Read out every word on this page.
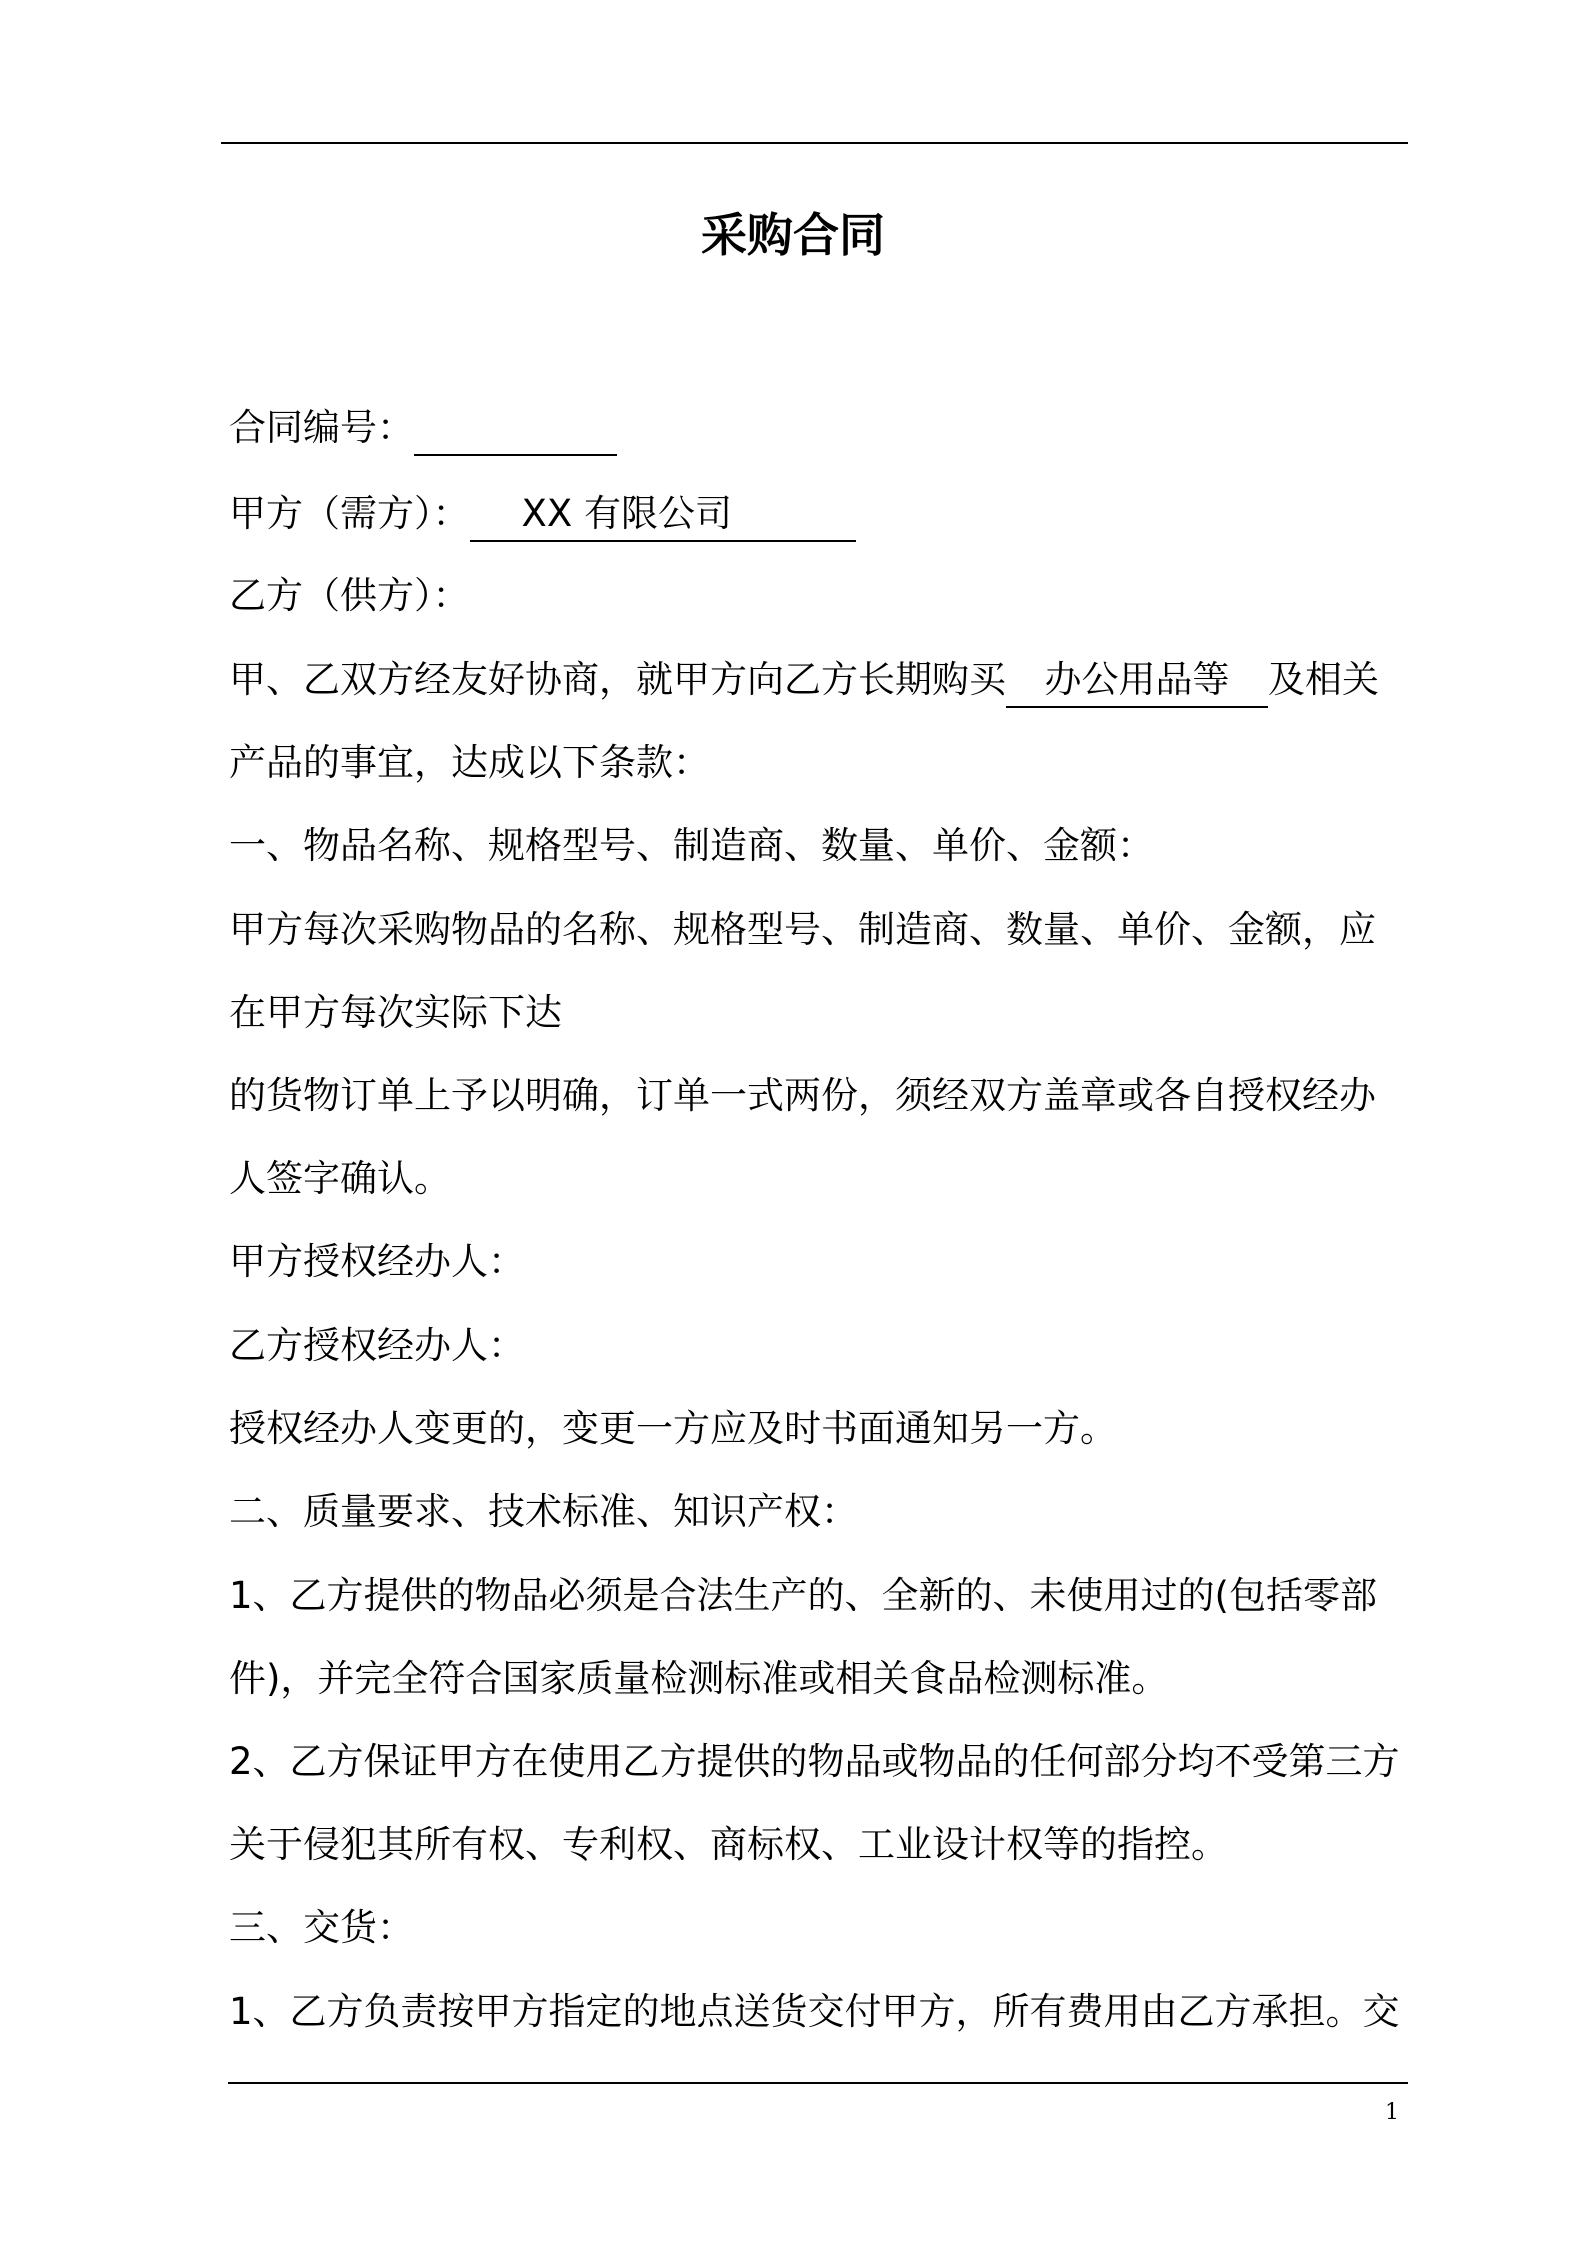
采购合同
合同编号：
甲方（需方）： XX 有限公司
乙方（供方）：
甲、乙双方经友好协商，就甲方向乙方长期购买 办公用品等 及相关
产品的事宜，达成以下条款：
一、物品名称、规格型号、制造商、数量、单价、金额：
甲方每次采购物品的名称、规格型号、制造商、数量、单价、金额，应
在甲方每次实际下达
的货物订单上予以明确，订单一式两份，须经双方盖章或各自授权经办
人签字确认。
甲方授权经办人：
乙方授权经办人：
授权经办人变更的，变更一方应及时书面通知另一方。
二、质量要求、技术标准、知识产权：
1、乙方提供的物品必须是合法生产的、全新的、未使用过的(包括零部
件)，并完全符合国家质量检测标准或相关食品检测标准。
2、乙方保证甲方在使用乙方提供的物品或物品的任何部分均不受第三方
关于侵犯其所有权、专利权、商标权、工业设计权等的指控。
三、交货：
1、乙方负责按甲方指定的地点送货交付甲方，所有费用由乙方承担。交
1
